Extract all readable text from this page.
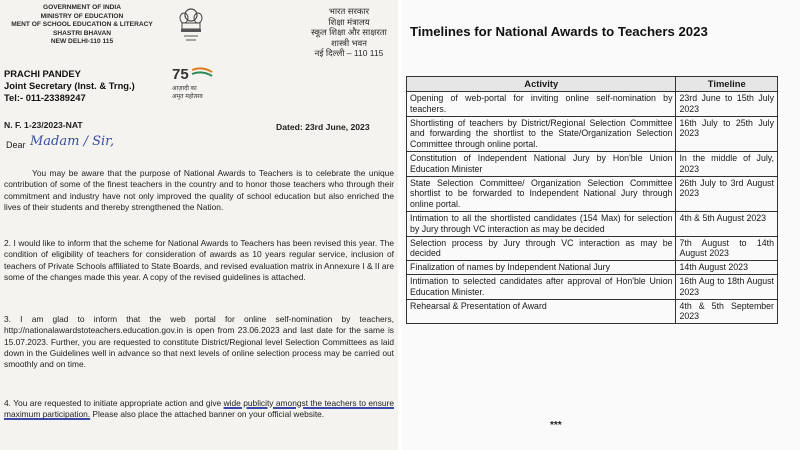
GOVERNMENT OF INDIA
MINISTRY OF EDUCATION
MENT OF SCHOOL EDUCATION & LITERACY
SHASTRI BHAVAN
NEW DELHI-110 115
भारत सरकार
शिक्षा मंत्रालय
स्कूल शिक्षा और साक्षरता
शास्त्री भवन
नई दिल्ली – 110 115
75
आज़ादी का
अमृत महोत्सव
PRACHI PANDEY
Joint Secretary (Inst. & Trng.)
Tel:- 011-23389247
N. F. 1-23/2023-NAT	Dated: 23rd June, 2023
Dear Madam / Sir,
You may be aware that the purpose of National Awards to Teachers is to celebrate the unique contribution of some of the finest teachers in the country and to honor those teachers who through their commitment and industry have not only improved the quality of school education but also enriched the lives of their students and thereby strengthened the Nation.
2. I would like to inform that the scheme for National Awards to Teachers has been revised this year. The condition of eligibility of teachers for consideration of awards as 10 years regular service, inclusion of teachers of Private Schools affiliated to State Boards, and revised evaluation matrix in Annexure I & II are some of the changes made this year. A copy of the revised guidelines is attached.
3. I am glad to inform that the web portal for online self-nomination by teachers, http://nationalawardstoteachers.education.gov.in is open from 23.06.2023 and last date for the same is 15.07.2023. Further, you are requested to constitute District/Regional level Selection Committees as laid down in the Guidelines well in advance so that next levels of online selection process may be carried out smoothly and on time.
4. You are requested to initiate appropriate action and give wide publicity amongst the teachers to ensure maximum participation. Please also place the attached banner on your official website.
Timelines for National Awards to Teachers 2023
Activity	Timeline
Opening of web-portal for inviting online self-nomination by teachers.	23rd June to 15th July 2023
Shortlisting of teachers by District/Regional Selection Committee and forwarding the shortlist to the State/Organization Selection Committee through online portal.	16th July to 25th July 2023
Constitution of Independent National Jury by Hon'ble Union Education Minister	In the middle of July, 2023
State Selection Committee/ Organization Selection Committee shortlist to be forwarded to Independent National Jury through online portal.	26th July to 3rd August 2023
Intimation to all the shortlisted candidates (154 Max) for selection by Jury through VC interaction as may be decided	4th & 5th August 2023
Selection process by Jury through VC interaction as may be decided	7th August to 14th August 2023
Finalization of names by Independent National Jury	14th August 2023
Intimation to selected candidates after approval of Hon'ble Union Education Minister.	16th Aug to 18th August 2023
Rehearsal & Presentation of Award	4th & 5th September 2023
***
